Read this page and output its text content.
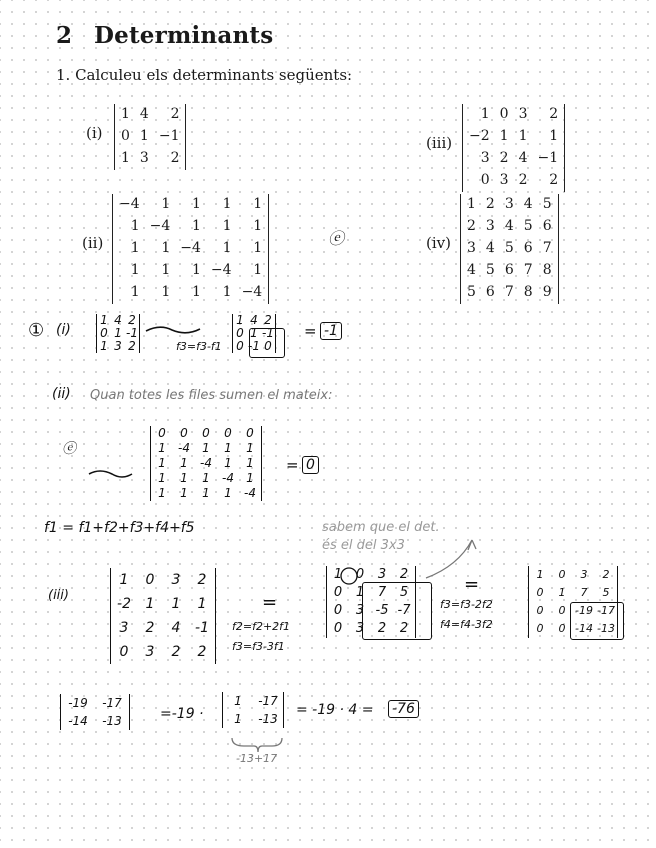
2 Determinants
1. Calculeu els determinants següents:
(i)
1	4	2
0	1	−1
1	3	2
(iii)
1	0	3	2
−2	1	1	1
3	2	4	−1
0	3	2	2
(ii)
−4	1	1	1	1
1	−4	1	1	1
1	1	−4	1	1
1	1	1	−4	1
1	1	1	1	−4
(iv)
1	2	3	4	5
2	3	4	5	6
3	4	5	6	7
4	5	6	7	8
5	6	7	8	9
ⓔ
① (i)
1 4 2
0 1 -1
1 3 2	f3=f3-f1
1 4 2
0 1 -1
0 -1 0
= -1
(ii) Quan totes les files sumen el mateix:
ⓔ
0	0	0	0	0
1	-4	1	1	1
1	1	-4	1	1
1	1	1	-4	1
1	1	1	1	-4
= 0
f1 = f1+f2+f3+f4+f5	sabem que el det.
és el del 3x3
(iii)
1	0	3	2
-2	1	1	1
3	2	4	-1
0	3	2	2
=
f2=f2+2f1
f3=f3-3f1
1	0	3	2
0	1	7	5
0	3 -5 -7
0	3	2	2
=
f3=f3-2f2
f4=f4-3f2
1	0	3	2
0	1	7	5
0	0 -19 -17
0	0 -14 -13
-19	-17
-14	-13	=-19 ·
1	-17
1	-13
= -19 · 4 = -76
-13+17
